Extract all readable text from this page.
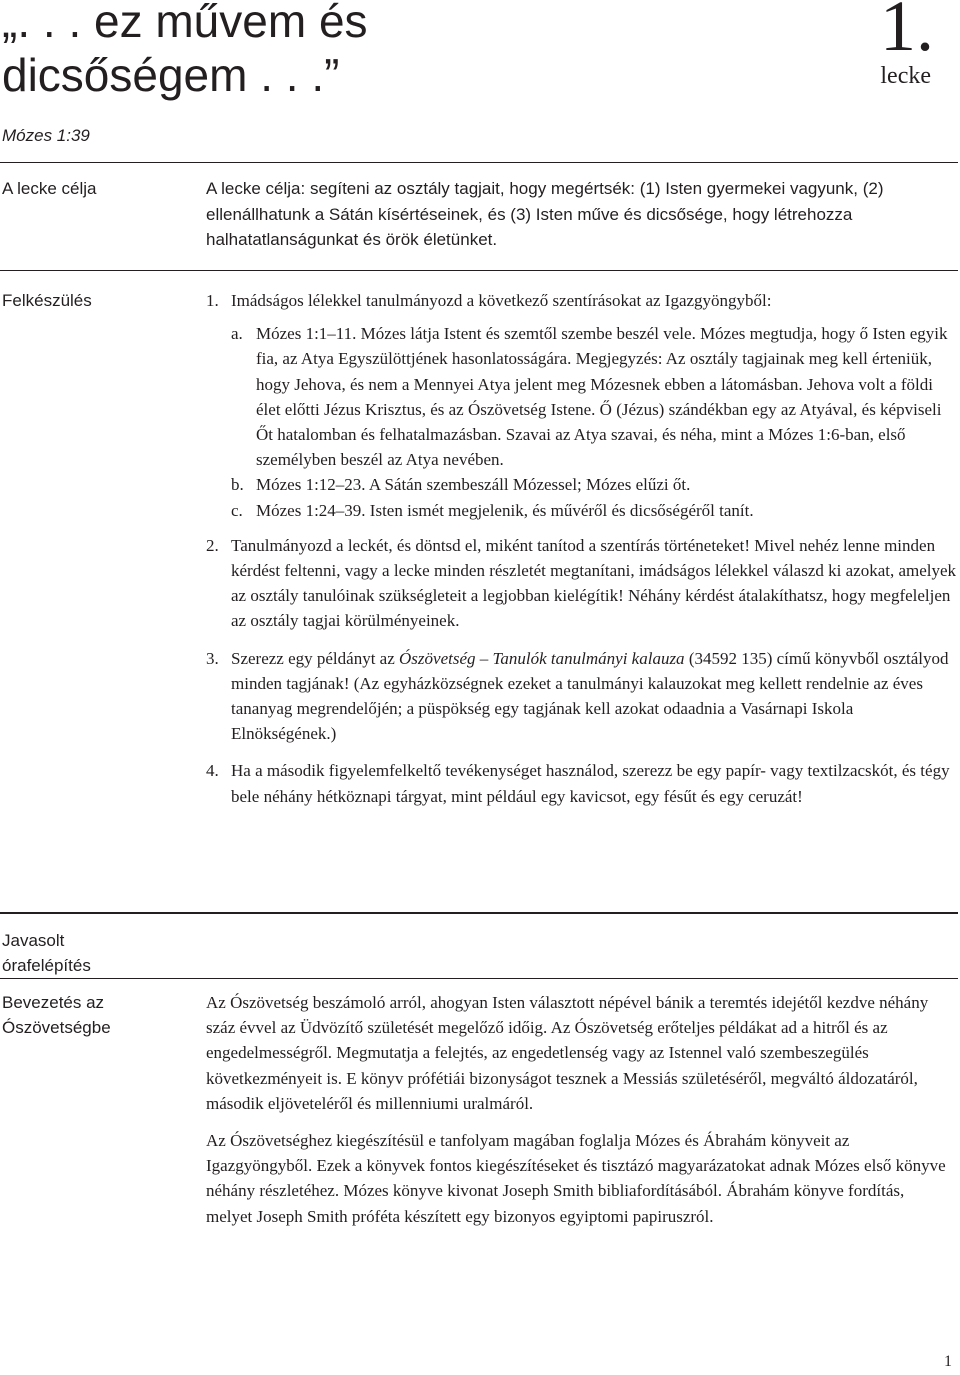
„. . . ez művem és
dicsőségem . . .”
1.
lecke
Mózes 1:39
A lecke célja	A lecke célja: segíteni az osztály tagjait, hogy megértsék: (1) Isten gyermekei vagyunk, (2) ellenállhatunk a Sátán kísértéseinek, és (3) Isten műve és dicsősége, hogy létrehozza halhatatlanságunkat és örök életünket.
Felkészülés	1. Imádságos lélekkel tanulmányozd a következő szentírásokat az Igazgyöngyből:
a. Mózes 1:1–11. Mózes látja Istent és szemtől szembe beszél vele. Mózes megtudja, hogy ő Isten egyik fia, az Atya Egyszülöttjének hasonlatosságára. Megjegyzés: Az osztály tagjainak meg kell érteniük, hogy Jehova, és nem a Mennyei Atya jelent meg Mózesnek ebben a látomásban. Jehova volt a földi élet előtti Jézus Krisztus, és az Ószövetség Istene. Ő (Jézus) szándékban egy az Atyával, és képviseli Őt hatalomban és felhatalmazásban. Szavai az Atya szavai, és néha, mint a Mózes 1:6-ban, első személyben beszél az Atya nevében.
b. Mózes 1:12–23. A Sátán szembeszáll Mózessel; Mózes elűzi őt.
c. Mózes 1:24–39. Isten ismét megjelenik, és művéről és dicsőségéről tanít.
2. Tanulmányozd a leckét, és döntsd el, miként tanítod a szentírás történeteket! Mivel nehéz lenne minden kérdést feltenni, vagy a lecke minden részletét megtanítani, imádságos lélekkel válaszd ki azokat, amelyek az osztály tanulóinak szükségleteit a legjobban kielégítik! Néhány kérdést átalakíthatsz, hogy megfeleljen az osztály tagjai körülményeinek.
3. Szerezz egy példányt az Ószövetség – Tanulók tanulmányi kalauza (34592 135) című könyvből osztályod minden tagjának! (Az egyházközségnek ezeket a tanulmányi kalauzokat meg kellett rendelnie az éves tananyag megrendelőjén; a püspökség egy tagjának kell azokat odaadnia a Vasárnapi Iskola Elnökségének.)
4. Ha a második figyelemfelkeltő tevékenységet használod, szerezz be egy papír- vagy textilzacskót, és tégy bele néhány hétköznapi tárgyat, mint például egy kavicsot, egy fésűt és egy ceruzát!
Javasolt
órafelépítés
Bevezetés az
Ószövetségbe

Az Ószövetség beszámoló arról, ahogyan Isten választott népével bánik a teremtés idejétől kezdve néhány száz évvel az Üdvözítő születését megelőző időig. Az Ószövetség erőteljes példákat ad a hitről és az engedelmességről. Megmutatja a felejtés, az engedetlenség vagy az Istennel való szembeszegülés következményeit is. E könyv prófétiái bizonyságot tesznek a Messiás születéséről, megváltó áldozatáról, második eljöveteléről és millenniumi uralmáról.

Az Ószövetséghez kiegészítésül e tanfolyam magában foglalja Mózes és Ábrahám könyveit az Igazgyöngyből. Ezek a könyvek fontos kiegészítéseket és tisztázó magyarázatokat adnak Mózes első könyve néhány részletéhez. Mózes könyve kivonat Joseph Smith bibliafordításából. Ábrahám könyve fordítás, melyet Joseph Smith próféta készített egy bizonyos egyiptomi papiruszról.

1
